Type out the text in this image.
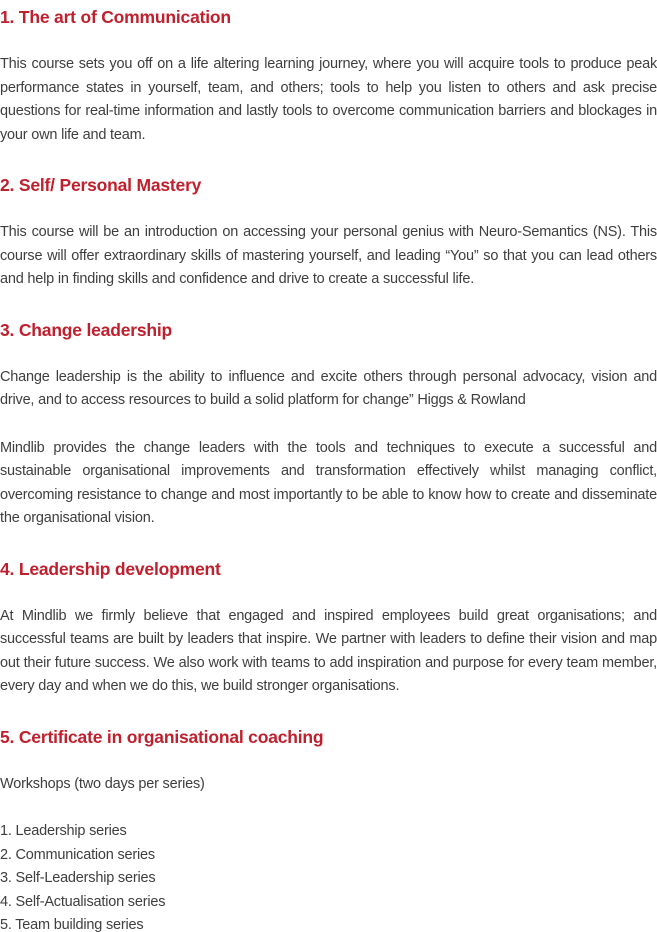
1. The art of Communication

This course sets you off on a life altering learning journey, where you will acquire tools to produce peak performance states in yourself, team, and others; tools to help you listen to others and ask precise questions for real-time information and lastly tools to overcome communication barriers and blockages in your own life and team.

2. Self/ Personal Mastery

This course will be an introduction on accessing your personal genius with Neuro-Semantics (NS). This course will offer extraordinary skills of mastering yourself, and leading “You” so that you can lead others and help in finding skills and confidence and drive to create a successful life.

3. Change leadership

Change leadership is the ability to influence and excite others through personal advocacy, vision and drive, and to access resources to build a solid platform for change” Higgs & Rowland

Mindlib provides the change leaders with the tools and techniques to execute a successful and sustainable organisational improvements and transformation effectively whilst managing conflict, overcoming resistance to change and most importantly to be able to know how to create and disseminate the organisational vision.

4. Leadership development

At Mindlib we firmly believe that engaged and inspired employees build great organisations; and successful teams are built by leaders that inspire. We partner with leaders to define their vision and map out their future success. We also work with teams to add inspiration and purpose for every team member, every day and when we do this, we build stronger organisations.

5. Certificate in organisational coaching

Workshops (two days per series)

1. Leadership series
2. Communication series
3. Self-Leadership series
4. Self-Actualisation series
5. Team building series
